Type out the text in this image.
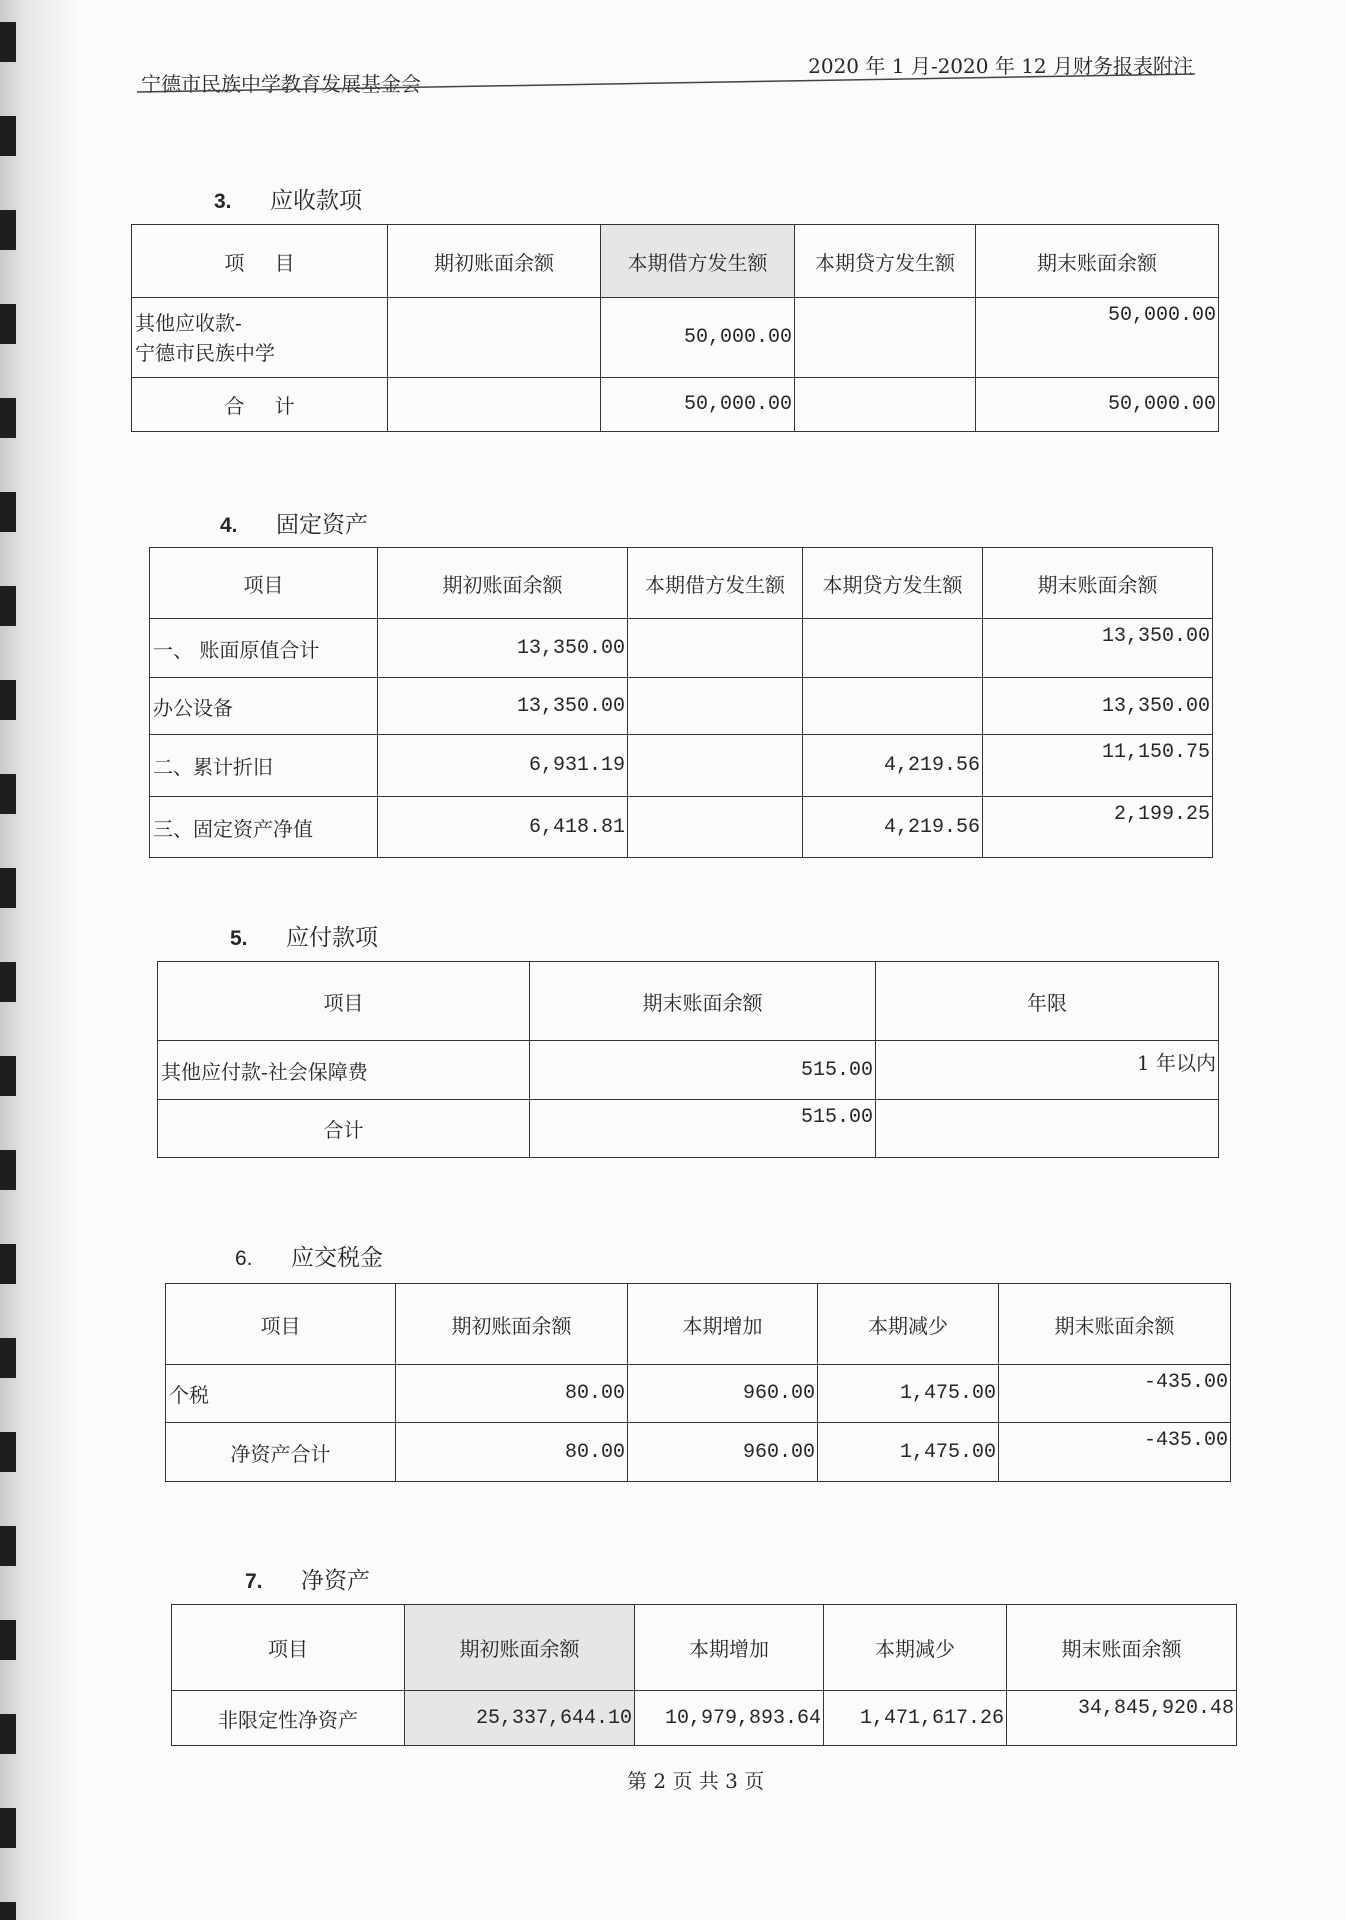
宁德市民族中学教育发展基金会
2020 年 1 月-2020 年 12 月财务报表附注
3. 应收款项
项 目	期初账面余额	本期借方发生额	本期贷方发生额	期末账面余额

其他应收款-
宁德市民族中学		50,000.00		50,000.00
合 计		50,000.00		50,000.00
4. 固定资产
项目	期初账面余额	本期借方发生额	本期贷方发生额	期末账面余额
一、 账面原值合计	13,350.00			13,350.00
办公设备	13,350.00			13,350.00
二、累计折旧	6,931.19		4,219.56	11,150.75
三、固定资产净值	6,418.81		4,219.56	2,199.25
5. 应付款项
项目	期末账面余额	年限
其他应付款-社会保障费	515.00	1 年以内
合计	515.00	
6. 应交税金
项目	期初账面余额	本期增加	本期减少	期末账面余额
个税	80.00	960.00	1,475.00	-435.00
净资产合计	80.00	960.00	1,475.00	-435.00
7. 净资产
项目	期初账面余额	本期增加	本期减少	期末账面余额
非限定性净资产	25,337,644.10	10,979,893.64	1,471,617.26	34,845,920.48
第 2 页 共 3 页
